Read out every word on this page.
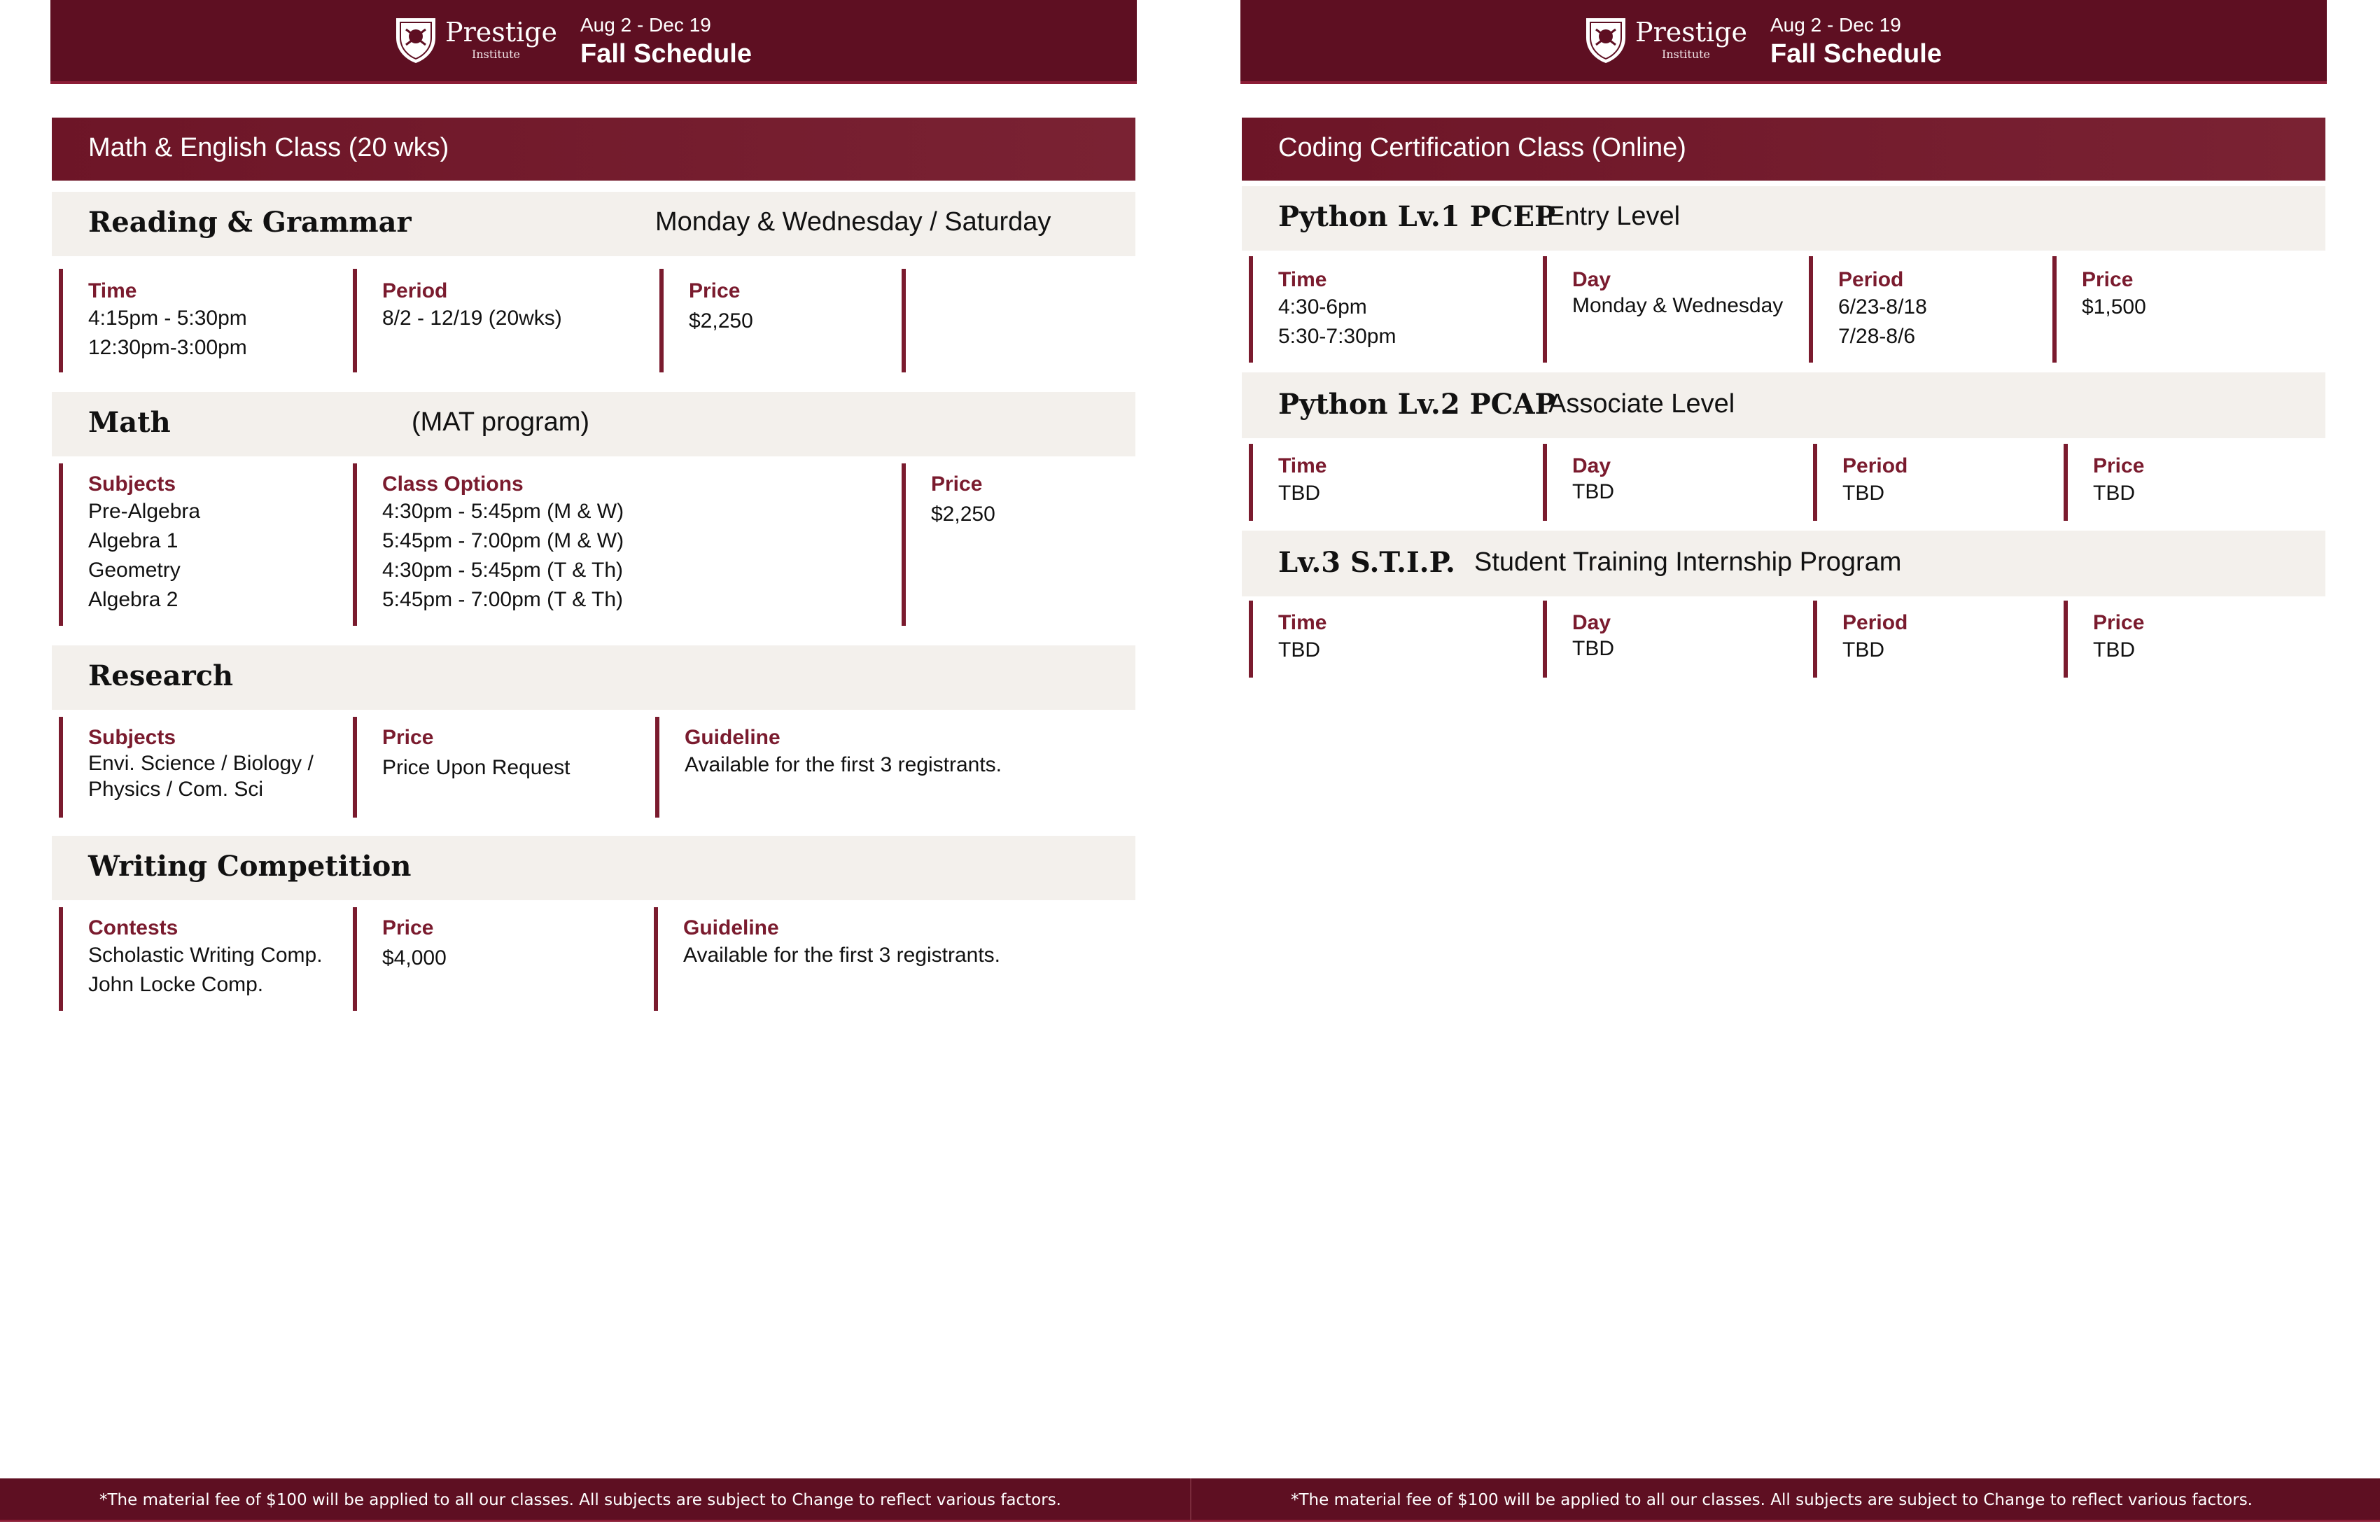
Prestige
Institute
Aug 2 - Dec 19
Fall Schedule
Math & English Class (20 wks)
Reading & Grammar	Monday & Wednesday / Saturday
Time
4:15pm - 5:30pm
12:30pm-3:00pm
Period
8/2 - 12/19 (20wks)
Price
$2,250
Math	(MAT program)
Subjects
Pre-Algebra
Algebra 1
Geometry
Algebra 2
Class Options
4:30pm - 5:45pm (M & W)
5:45pm - 7:00pm (M & W)
4:30pm - 5:45pm (T & Th)
5:45pm - 7:00pm (T & Th)
Price
$2,250
Research
Subjects
Envi. Science / Biology /
Physics / Com. Sci
Price
Price Upon Request
Guideline
Available for the first 3 registrants.
Writing Competition
Contests
Scholastic Writing Comp.
John Locke Comp.
Price
$4,000
Guideline
Available for the first 3 registrants.
*The material fee of $100 will be applied to all our classes. All subjects are subject to Change to reflect various factors.
Prestige
Institute
Aug 2 - Dec 19
Fall Schedule
Coding Certification Class (Online)
Python Lv.1 PCEP
Entry Level
Time
4:30-6pm
5:30-7:30pm
Day
Monday & Wednesday
Period
6/23-8/18
7/28-8/6
Price
$1,500
Python Lv.2 PCAP
Associate Level
Time
TBD
Day
TBD
Period
TBD
Price
TBD
Lv.3 S.T.I.P. Student Training Internship Program
Time
TBD
Day
TBD
Period
TBD
Price
TBD
*The material fee of $100 will be applied to all our classes. All subjects are subject to Change to reflect various factors.
